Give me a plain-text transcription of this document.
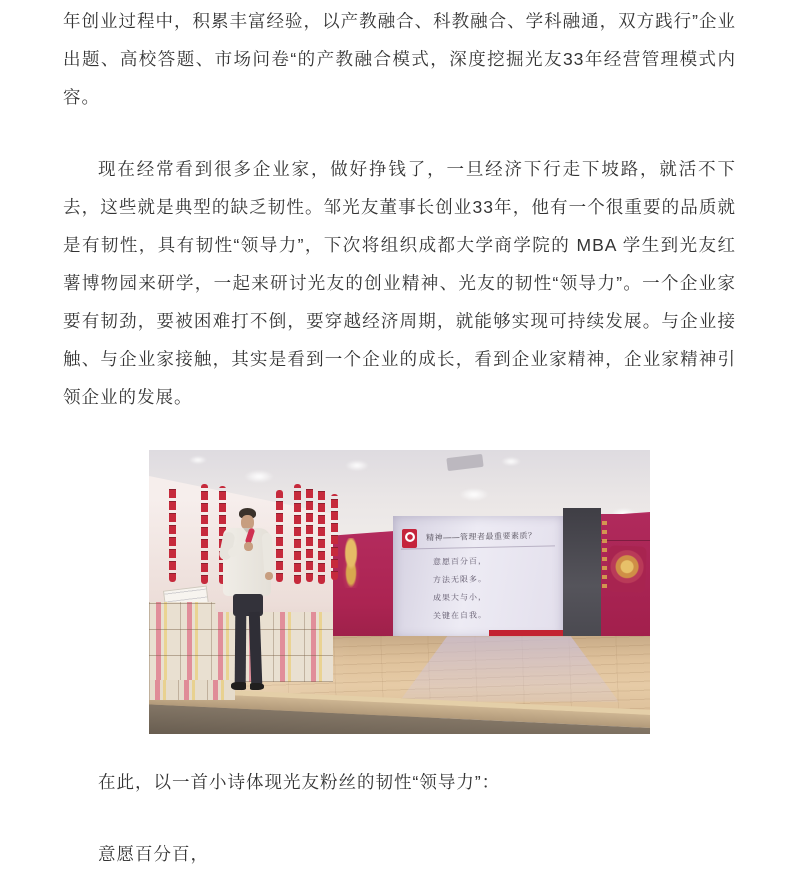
年创业过程中，积累丰富经验，以产教融合、科教融合、学科融通，双方践行”企业出题、高校答题、市场问卷“的产教融合模式，深度挖掘光友33年经营管理模式内容。

现在经常看到很多企业家，做好挣钱了，一旦经济下行走下坡路，就活不下去，这些就是典型的缺乏韧性。邹光友董事长创业33年，他有一个很重要的品质就是有韧性，具有韧性“领导力”，下次将组织成都大学商学院的 MBA 学生到光友红薯博物园来研学，一起来研讨光友的创业精神、光友的韧性“领导力”。一个企业家要有韧劲，要被困难打不倒，要穿越经济周期，就能够实现可持续发展。与企业接触、与企业家接触，其实是看到一个企业的成长，看到企业家精神，企业家精神引领企业的发展。

精神——管理者最重要素质？
意愿百分百，
方法无限多。
成果大与小，
关键在自我。

在此，以一首小诗体现光友粉丝的韧性“领导力”：

意愿百分百，
